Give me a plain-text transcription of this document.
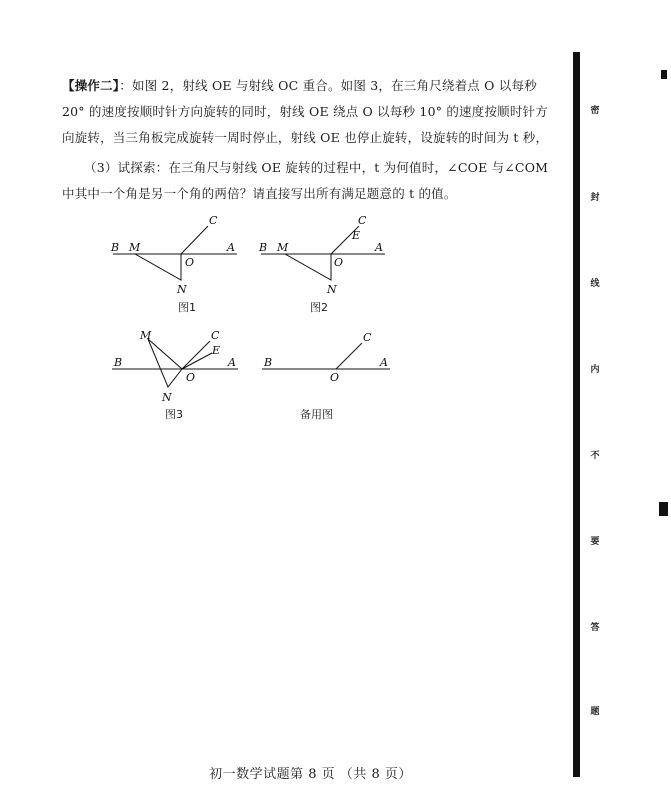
【操作二】：如图 2，射线 OE 与射线 OC 重合。如图 3，在三角尺绕着点 O 以每秒 20° 的速度按顺时针方向旋转的同时，射线 OE 绕点 O 以每秒 10° 的速度按顺时针方向旋转，当三角板完成旋转一周时停止，射线 OE 也停止旋转，设旋转的时间为 t 秒，

（3）试探索：在三角尺与射线 OE 旋转的过程中，t 为何值时，∠COE 与∠COM 中其中一个角是另一个角的两倍？请直接写出所有满足题意的 t 的值。

B M
O
A
C
N
图1
B M
O
A
C
E
N
图2
B
M
O
A
C
E
N
图3
B
O
A
C
备用图
密
封
线
内
不
要
答
题
初一数学试题第 8 页 （共 8 页）
